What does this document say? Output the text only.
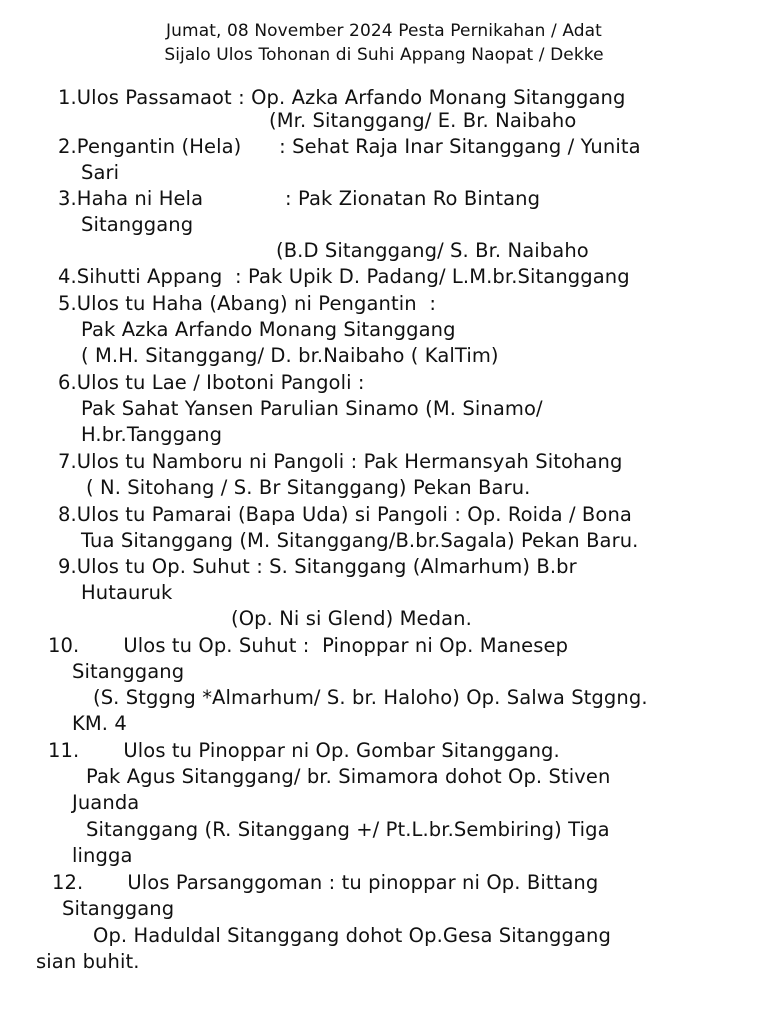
Jumat, 08 November 2024 Pesta Pernikahan / Adat
Sijalo Ulos Tohonan di Suhi Appang Naopat / Dekke
1.Ulos Passamaot : Op. Azka Arfando Monang Sitanggang
(Mr. Sitanggang/ E. Br. Naibaho
2.Pengantin (Hela)      : Sehat Raja Inar Sitanggang / Yunita
Sari
3.Haha ni Hela             : Pak Zionatan Ro Bintang
Sitanggang
(B.D Sitanggang/ S. Br. Naibaho
4.Sihutti Appang  : Pak Upik D. Padang/ L.M.br.Sitanggang
5.Ulos tu Haha (Abang) ni Pengantin  :
Pak Azka Arfando Monang Sitanggang
( M.H. Sitanggang/ D. br.Naibaho ( KalTim)
6.Ulos tu Lae / Ibotoni Pangoli :
Pak Sahat Yansen Parulian Sinamo (M. Sinamo/
H.br.Tanggang
7.Ulos tu Namboru ni Pangoli : Pak Hermansyah Sitohang
( N. Sitohang / S. Br Sitanggang) Pekan Baru.
8.Ulos tu Pamarai (Bapa Uda) si Pangoli : Op. Roida / Bona
Tua Sitanggang (M. Sitanggang/B.br.Sagala) Pekan Baru.
9.Ulos tu Op. Suhut : S. Sitanggang (Almarhum) B.br
Hutauruk
(Op. Ni si Glend) Medan.
10.       Ulos tu Op. Suhut :  Pinoppar ni Op. Manesep
Sitanggang
(S. Stggng *Almarhum/ S. br. Haloho) Op. Salwa Stggng.
KM. 4
11.       Ulos tu Pinoppar ni Op. Gombar Sitanggang.
Pak Agus Sitanggang/ br. Simamora dohot Op. Stiven
Juanda
Sitanggang (R. Sitanggang +/ Pt.L.br.Sembiring) Tiga
lingga
12.       Ulos Parsanggoman : tu pinoppar ni Op. Bittang
Sitanggang
Op. Haduldal Sitanggang dohot Op.Gesa Sitanggang
sian buhit.
